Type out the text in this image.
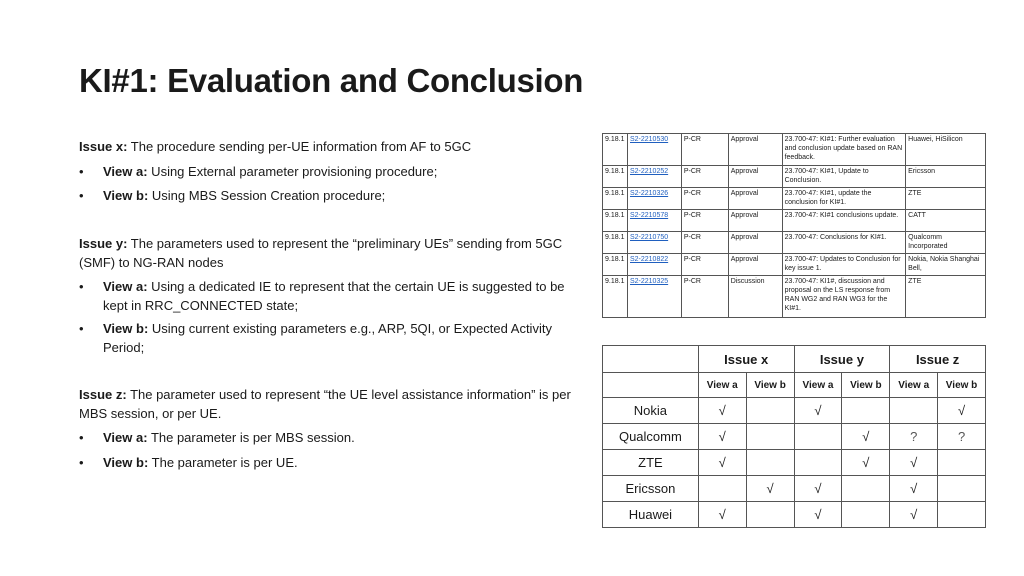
KI#1: Evaluation and Conclusion
Issue x: The procedure sending per-UE information from AF to 5GC
• View a: Using External parameter provisioning procedure;
• View b: Using MBS Session Creation procedure;
Issue y: The parameters used to represent the “preliminary UEs” sending from 5GC (SMF) to NG-RAN nodes
• View a: Using a dedicated IE to represent that the certain UE is suggested to be kept in RRC_CONNECTED state;
• View b: Using current existing parameters e.g., ARP, 5QI, or Expected Activity Period;
Issue z: The parameter used to represent “the UE level assistance information” is per MBS session, or per UE.
• View a: The parameter is per MBS session.
• View b: The parameter is per UE.
9.18.1	S2-2210530	P-CR	Approval	23.700-47: KI#1: Further evaluation and conclusion update based on RAN feedback.	Huawei, HiSilicon
9.18.1	S2-2210252	P-CR	Approval	23.700-47: KI#1, Update to Conclusion.	Ericsson
9.18.1	S2-2210326	P-CR	Approval	23.700-47: KI#1, update the conclusion for KI#1.	ZTE
9.18.1	S2-2210578	P-CR	Approval	23.700-47: KI#1 conclusions update.	CATT
9.18.1	S2-2210750	P-CR	Approval	23.700-47: Conclusions for KI#1.	Qualcomm Incorporated
9.18.1	S2-2210822	P-CR	Approval	23.700-47: Updates to Conclusion for key issue 1.	Nokia, Nokia Shanghai Bell,
9.18.1	S2-2210325	P-CR	Discussion	23.700-47: KI1#, discussion and proposal on the LS response from RAN WG2 and RAN WG3 for the KI#1.	ZTE
	Issue x		Issue y		Issue z	
	View a	View b	View a	View b	View a	View b
Nokia	√		√			√
Qualcomm	√			√	?	?
ZTE	√			√	√	
Ericsson		√	√		√	
Huawei	√		√		√	
